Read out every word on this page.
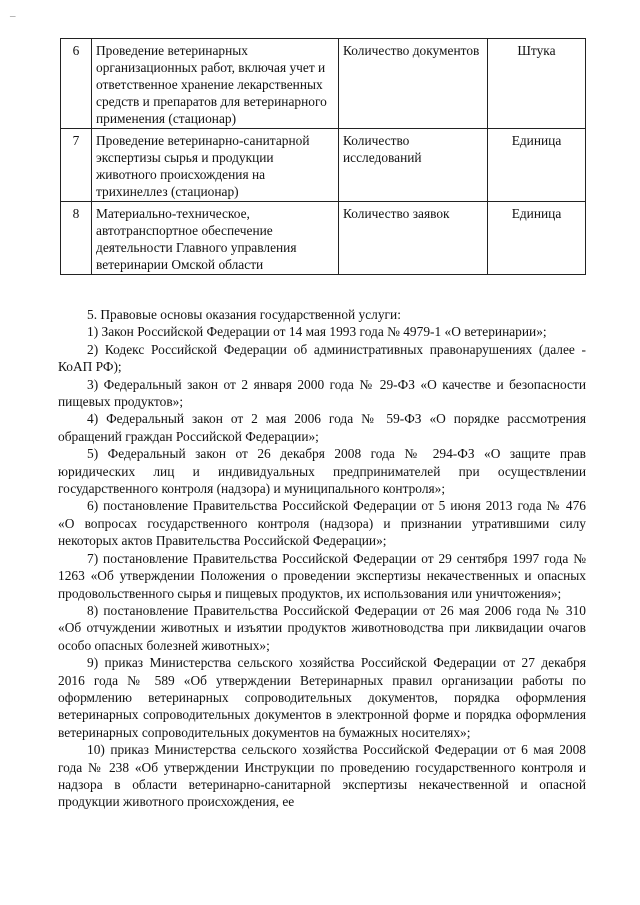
_
6	Проведение ветеринарных организационных работ, включая учет и ответственное хранение лекарственных средств и препаратов для ветеринарного применения (стационар)	Количество документов	Штука
7	Проведение ветеринарно-санитарной экспертизы сырья и продукции животного происхождения на трихинеллез (стационар)	Количество исследований	Единица
8	Материально-техническое, автотранспортное обеспечение деятельности Главного управления ветеринарии Омской области	Количество заявок	Единица

5. Правовые основы оказания государственной услуги:

1) Закон Российской Федерации от 14 мая 1993 года № 4979-1 «О ветеринарии»;

2) Кодекс Российской Федерации об административных правонарушениях (далее - КоАП РФ);

3) Федеральный закон от 2 января 2000 года № 29-ФЗ «О качестве и безопасности пищевых продуктов»;

4) Федеральный закон от 2 мая 2006 года № 59-ФЗ «О порядке рассмотрения обращений граждан Российской Федерации»;

5) Федеральный закон от 26 декабря 2008 года № 294-ФЗ «О защите прав юридических лиц и индивидуальных предпринимателей при осуществлении государственного контроля (надзора) и муниципального контроля»;

6) постановление Правительства Российской Федерации от 5 июня 2013 года № 476 «О вопросах государственного контроля (надзора) и признании утратившими силу некоторых актов Правительства Российской Федерации»;

7) постановление Правительства Российской Федерации от 29 сентября 1997 года № 1263 «Об утверждении Положения о проведении экспертизы некачественных и опасных продовольственного сырья и пищевых продуктов, их использования или уничтожения»;

8) постановление Правительства Российской Федерации от 26 мая 2006 года № 310 «Об отчуждении животных и изъятии продуктов животноводства при ликвидации очагов особо опасных болезней животных»;

9) приказ Министерства сельского хозяйства Российской Федерации от 27 декабря 2016 года № 589 «Об утверждении Ветеринарных правил организации работы по оформлению ветеринарных сопроводительных документов, порядка оформления ветеринарных сопроводительных документов в электронной форме и порядка оформления ветеринарных сопроводительных документов на бумажных носителях»;

10) приказ Министерства сельского хозяйства Российской Федерации от 6 мая 2008 года № 238 «Об утверждении Инструкции по проведению государственного контроля и надзора в области ветеринарно-санитарной экспертизы некачественной и опасной продукции животного происхождения, ее
